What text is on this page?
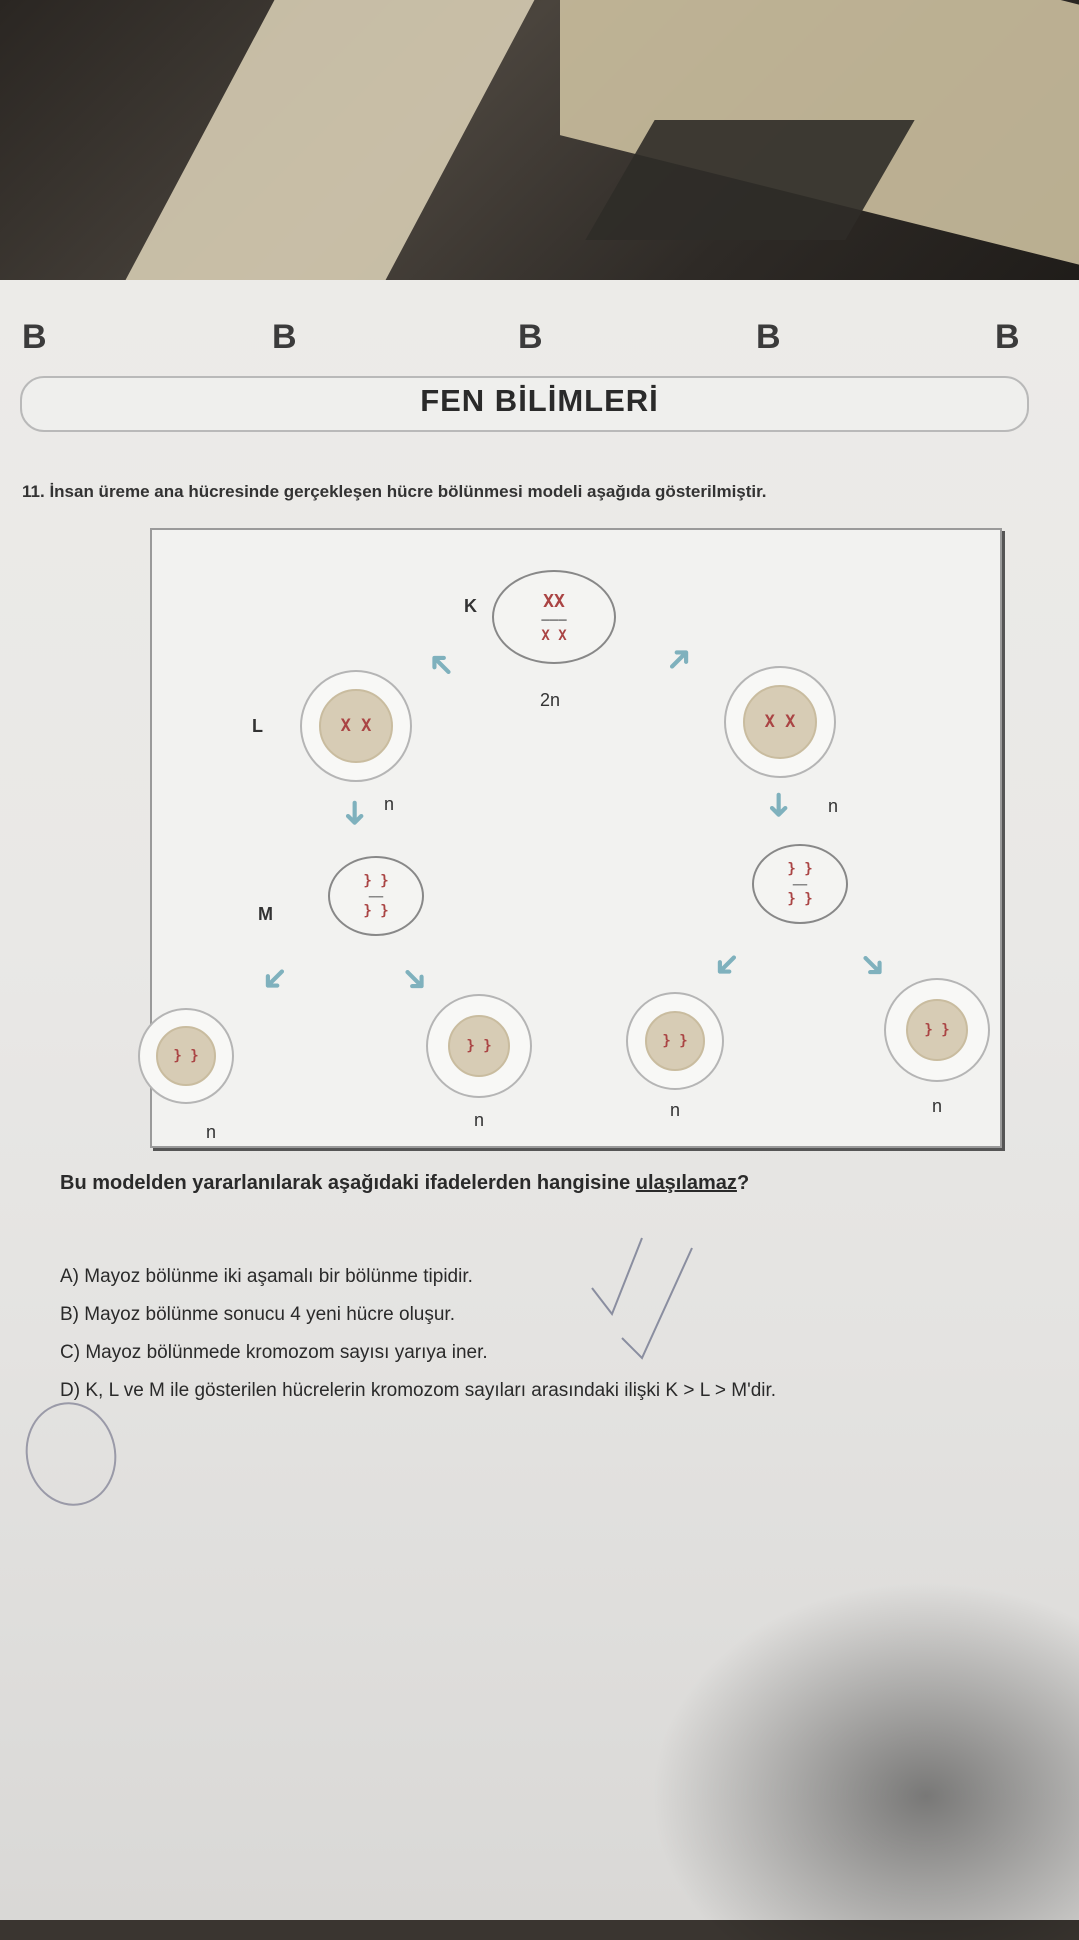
B	B	B	B	B
FEN BİLİMLERİ
11. İnsan üreme ana hücresinde gerçekleşen hücre bölünmesi modeli aşağıda gösterilmiştir.
XX
———
X X
K
2n
➜	➜
X X
L	X X
➜ n	➜ n
} }
——
} }
M
} }
——
} }
➜	➜	➜	➜
} }
n
} }
n
} }
n
} }
n
Bu modelden yararlanılarak aşağıdaki ifadelerden hangisine ulaşılamaz?
A) Mayoz bölünme iki aşamalı bir bölünme tipidir.
B) Mayoz bölünme sonucu 4 yeni hücre oluşur.
C) Mayoz bölünmede kromozom sayısı yarıya iner.
D) K, L ve M ile gösterilen hücrelerin kromozom sayıları arasındaki ilişki K > L > M'dir.
